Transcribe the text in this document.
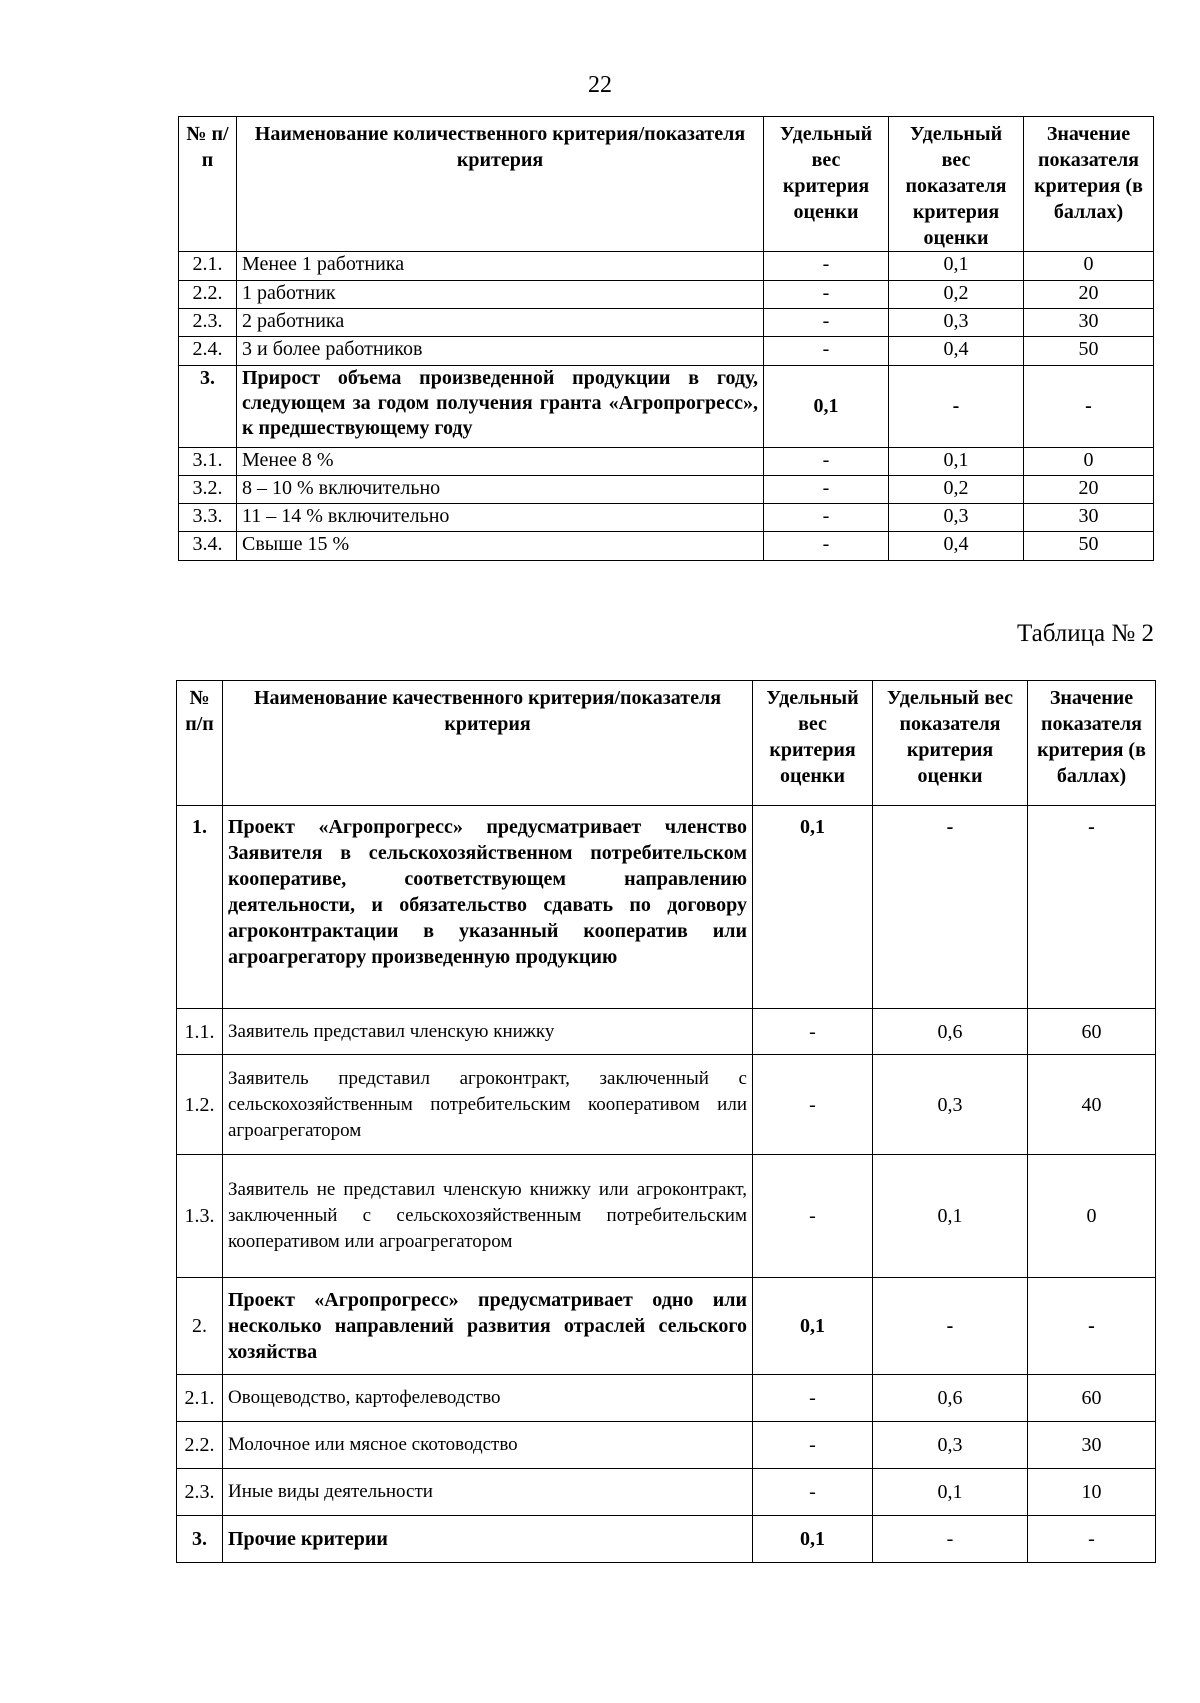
22
№ п/п	Наименование количественного критерия/показателя критерия	Удельный вес критерия оценки	Удельный вес показателя критерия оценки	Значение показателя критерия (в баллах)
2.1.	Менее 1 работника	-	0,1	0
2.2.	1 работник	-	0,2	20
2.3.	2 работника	-	0,3	30
2.4.	3 и более работников	-	0,4	50
3.	Прирост объема произведенной продукции в году, следующем за годом получения гранта «Агропрогресс», к предшествующему году	0,1	-	-
3.1.	Менее 8 %	-	0,1	0
3.2.	8 – 10 % включительно	-	0,2	20
3.3.	11 – 14 % включительно	-	0,3	30
3.4.	Свыше 15 %	-	0,4	50
Таблица № 2
№ п/п	Наименование качественного критерия/показателя критерия	Удельный вес критерия оценки	Удельный вес показателя критерия оценки	Значение показателя критерия (в баллах)
1.	Проект «Агропрогресс» предусматривает членство Заявителя в сельскохозяйственном потребительском кооперативе, соответствующем направлению деятельности, и обязательство сдавать по договору агроконтрактации в указанный кооператив или агроагрегатору произведенную продукцию	0,1	-	-
1.1.	Заявитель представил членскую книжку	-	0,6	60
1.2.	Заявитель представил агроконтракт, заключенный с сельскохозяйственным потребительским кооперативом или агроагрегатором	-	0,3	40
1.3.	Заявитель не представил членскую книжку или агроконтракт, заключенный с сельскохозяйственным потребительским кооперативом или агроагрегатором	-	0,1	0
2.	Проект «Агропрогресс» предусматривает одно или несколько направлений развития отраслей сельского хозяйства	0,1	-	-
2.1.	Овощеводство, картофелеводство	-	0,6	60
2.2.	Молочное или мясное скотоводство	-	0,3	30
2.3.	Иные виды деятельности	-	0,1	10
3.	Прочие критерии	0,1	-	-
